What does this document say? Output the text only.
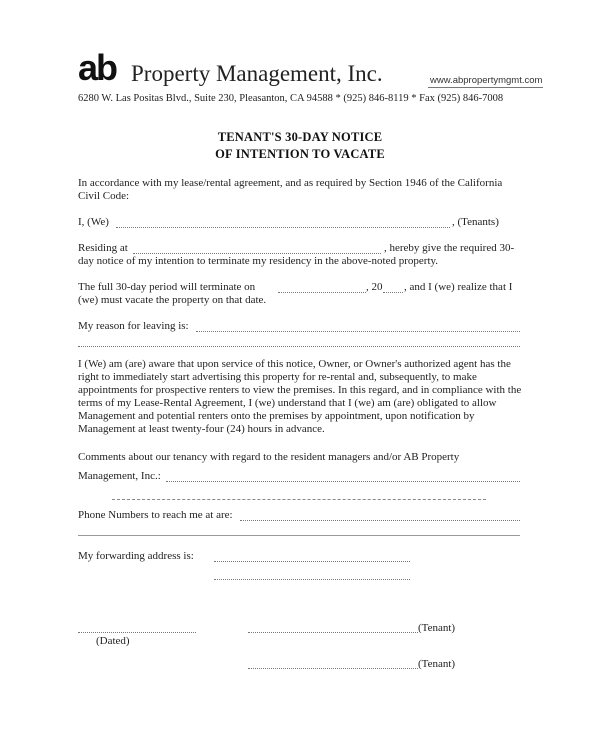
ab Property Management, Inc.	www.abpropertymgmt.com
6280 W. Las Positas Blvd., Suite 230, Pleasanton, CA 94588 * (925) 846-8119 * Fax (925) 846-7008
TENANT'S 30-DAY NOTICE
OF INTENTION TO VACATE
In accordance with my lease/rental agreement, and as required by Section 1946 of the California
Civil Code:
I, (We)	, (Tenants)
Residing at	, hereby give the required 30-
day notice of my intention to terminate my residency in the above-noted property.
The full 30-day period will terminate on	, 20 , and I (we) realize that I
(we) must vacate the property on that date.
My reason for leaving is:
I (We) am (are) aware that upon service of this notice, Owner, or Owner's authorized agent has the right to immediately start advertising this property for re-rental and, subsequently, to make appointments for prospective renters to view the premises. In this regard, and in compliance with the terms of my Lease-Rental Agreement, I (we) understand that I (we) am (are) obligated to allow Management and potential renters onto the premises by appointment, upon notification by Management at least twenty-four (24) hours in advance.
Comments about our tenancy with regard to the resident managers and/or AB Property
Management, Inc.:
Phone Numbers to reach me at are:
My forwarding address is:
(Dated)
(Tenant)
(Tenant)
